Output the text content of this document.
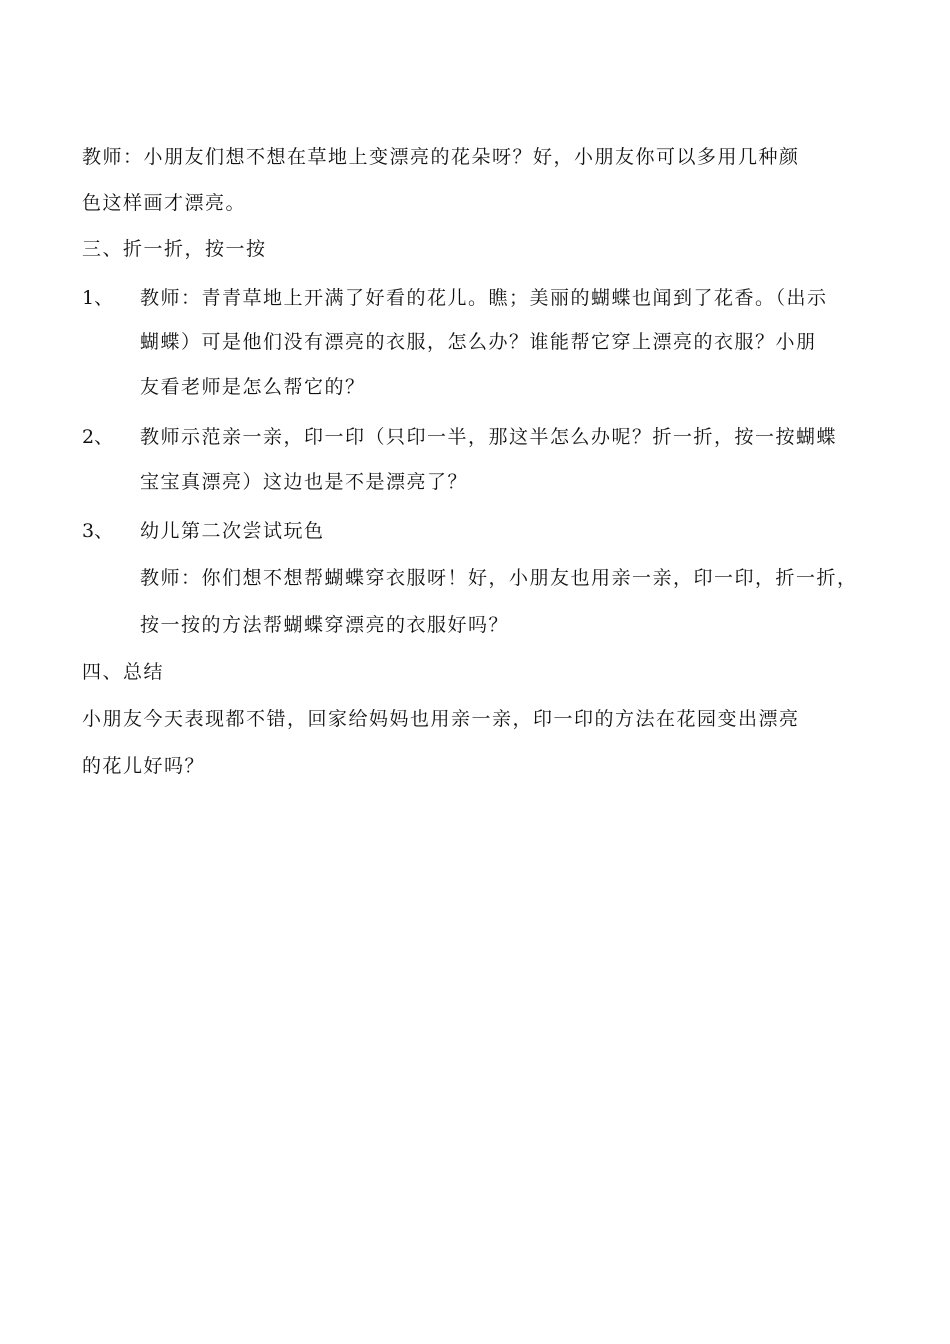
教师：小朋友们想不想在草地上变漂亮的花朵呀？好，小朋友你可以多用几种颜
色这样画才漂亮。
三、折一折，按一按
1、 教师：青青草地上开满了好看的花儿。瞧；美丽的蝴蝶也闻到了花香。（出示
蝴蝶）可是他们没有漂亮的衣服，怎么办？谁能帮它穿上漂亮的衣服？小朋
友看老师是怎么帮它的？
2、 教师示范亲一亲，印一印（只印一半，那这半怎么办呢？折一折，按一按蝴蝶
宝宝真漂亮）这边也是不是漂亮了？
3、 幼儿第二次尝试玩色
教师：你们想不想帮蝴蝶穿衣服呀！好，小朋友也用亲一亲，印一印，折一折，
按一按的方法帮蝴蝶穿漂亮的衣服好吗？
四、总结
小朋友今天表现都不错，回家给妈妈也用亲一亲，印一印的方法在花园变出漂亮
的花儿好吗？
